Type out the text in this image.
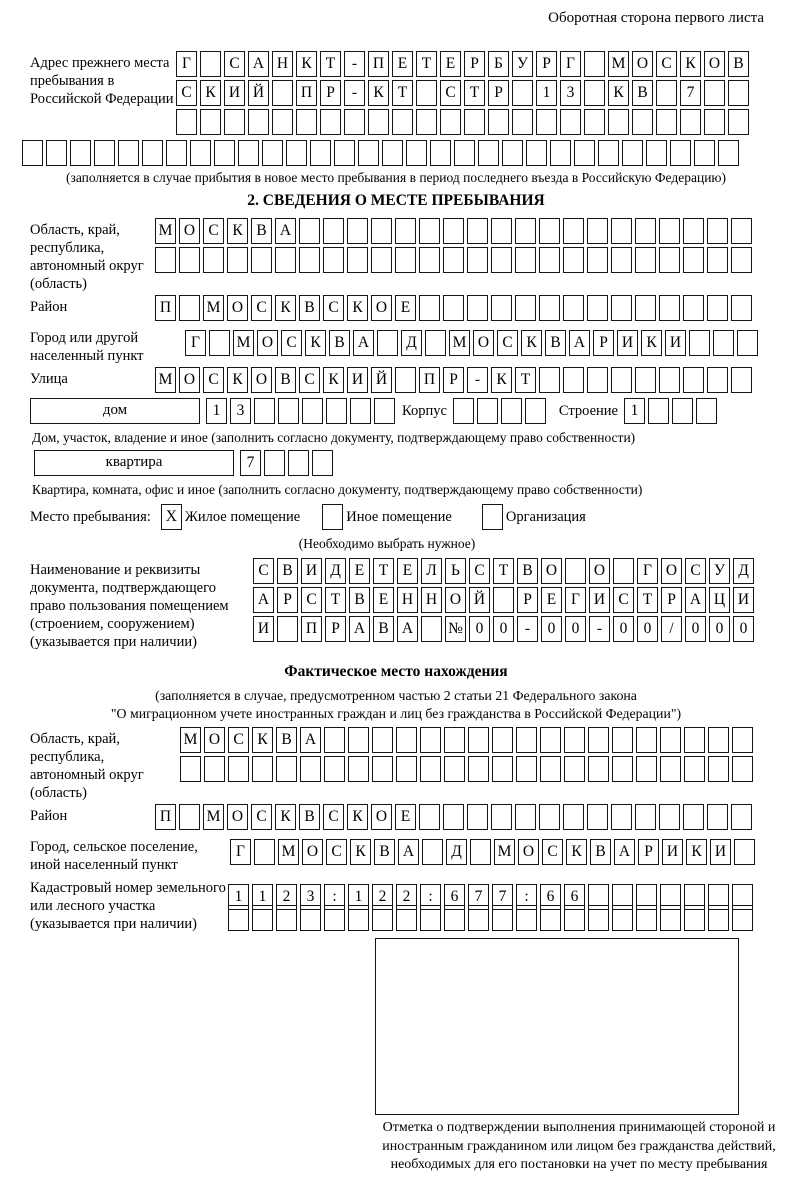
Оборотная сторона первого листа
Адрес прежнего места пребывания в Российской Федерации
Г С А Н К Т - П Е Т Е Р Б У Р Г М О С К О В
С К И Й П Р - К Т С Т Р	1 3	К В	7
(заполняется в случае прибытия в новое место пребывания в период последнего въезда в Российскую Федерацию)
2. СВЕДЕНИЯ О МЕСТЕ ПРЕБЫВАНИЯ
Область, край, республика, автономный округ (область)
М О С К В А
Район	П М О С К В С К О Е
Город или другой населенный пункт
Г М О С К В А Д М О С К В А Р И К И
Улица	М О С К О В С К И Й П Р - К Т
дом	1 3	Корпус	Строение 1
Дом, участок, владение и иное (заполнить согласно документу, подтверждающему право собственности)
квартира	7
Квартира, комната, офис и иное (заполнить согласно документу, подтверждающему право собственности)
Место пребывания: X Жилое помещение	Иное помещение	Организация
(Необходимо выбрать нужное)
Наименование и реквизиты документа, подтверждающего право пользования помещением (строением, сооружением) (указывается при наличии)
С В И Д Е Т Е Л Ь С Т В О О Г О С У Д
А Р С Т В Е Н Н О Й Р Е Г И С Т Р А Ц И
И П Р А В А № 0 0 - 0 0 - 0 0 / 0 0 0
Фактическое место нахождения
(заполняется в случае, предусмотренном частью 2 статьи 21 Федерального закона
"О миграционном учете иностранных граждан и лиц без гражданства в Российской Федерации")
Область, край, республика, автономный округ (область)
М О С К В А
Район	П М О С К В С К О Е
Город, сельское поселение, иной населенный пункт
Г М О С К В А Д М О С К В А Р И К И
Кадастровый номер земельного или лесного участка (указывается при наличии)
1 1 2 3 : 1 2 2 : 6 7 7 : 6 6
Отметка о подтверждении выполнения принимающей стороной и иностранным гражданином или лицом без гражданства действий, необходимых для его постановки на учет по месту пребывания
